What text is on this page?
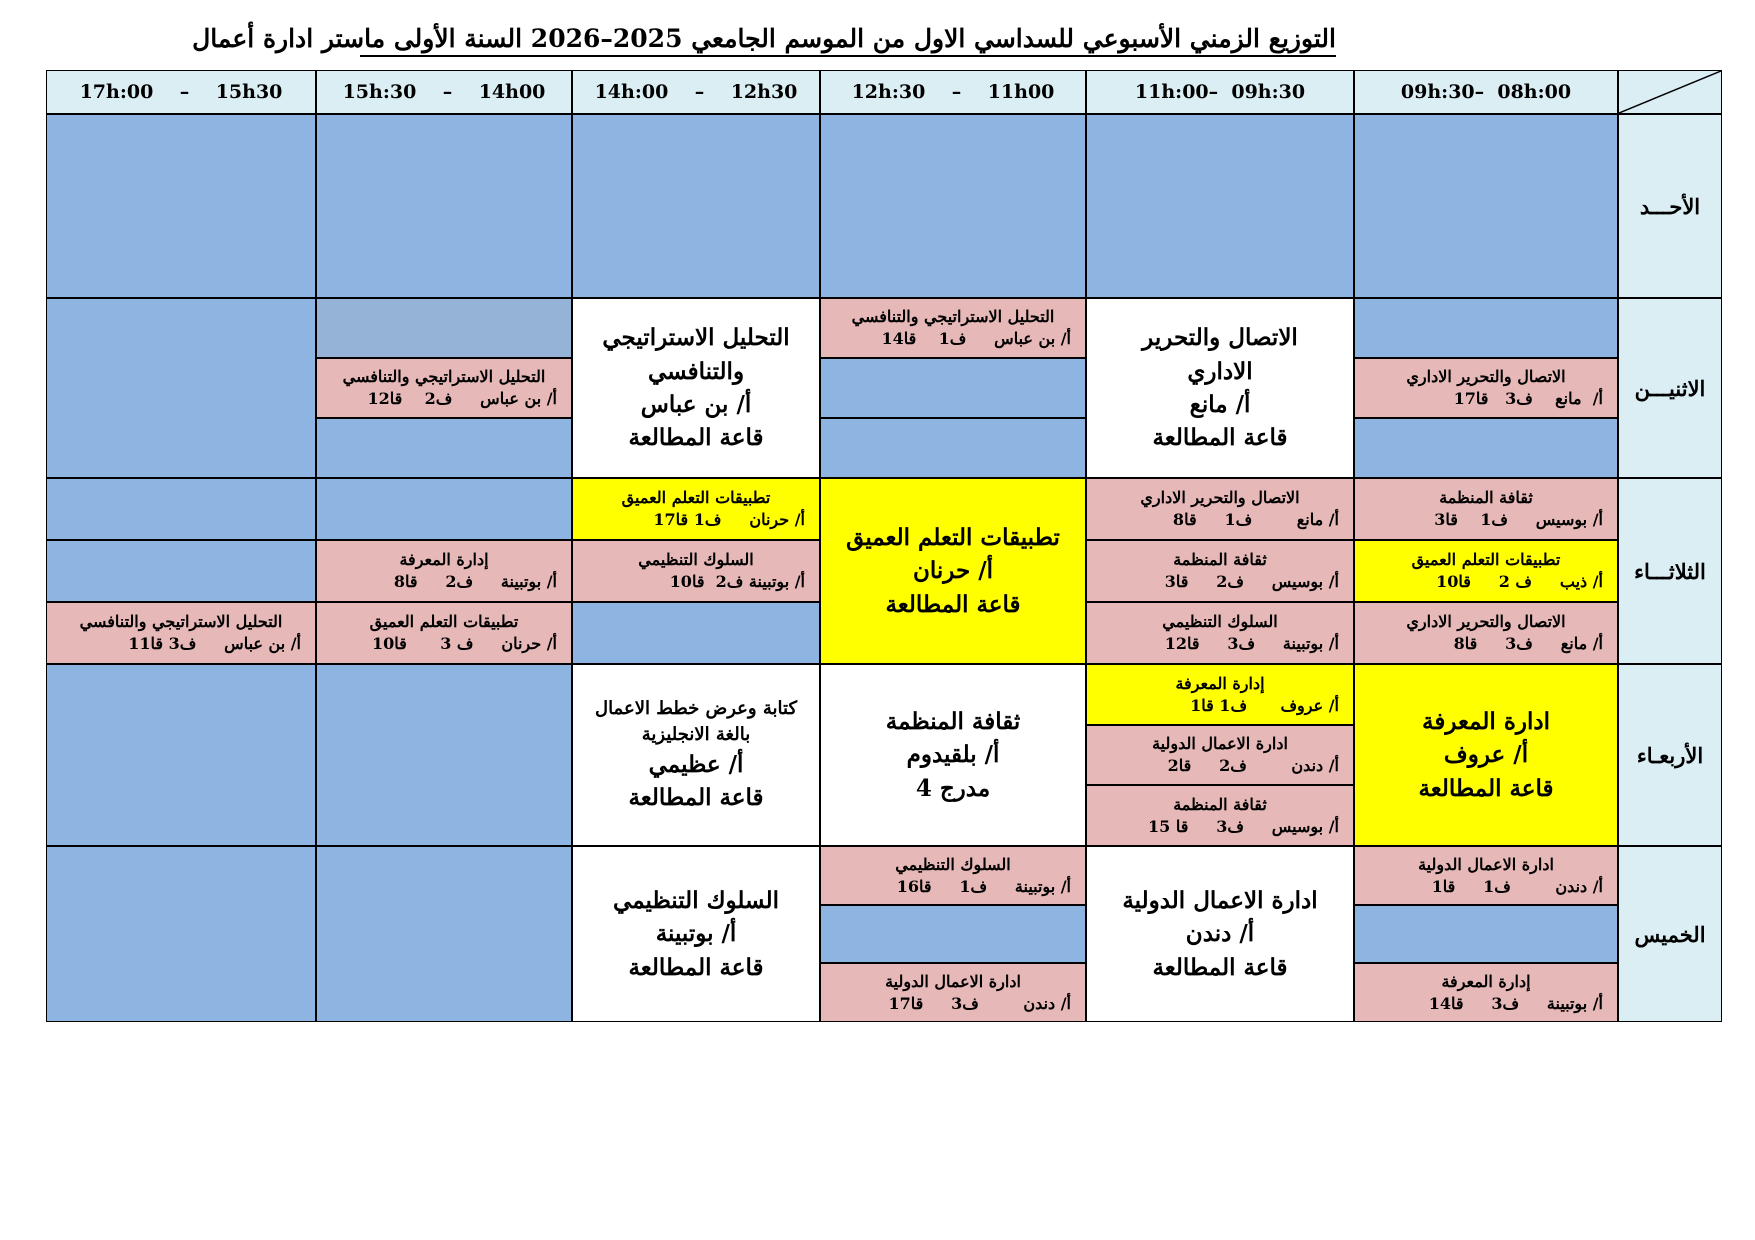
التوزيع الزمني الأسبوعي للسداسي الاول من الموسم الجامعي 2025–2026 السنة الأولى ماستر ادارة أعمال
09h:30–  08h:00
11h:00–  09h:30
12h:30    –    11h00
14h:00    –    12h30
15h:30    –    14h00
17h:00    –    15h30
الأحـــد
الاثنيـــن
الثلاثـــاء
الأربعـاء
الخميس
الاتصال والتحرير الاداري
أ/  مانع    ف3   قا17
الاتصال والتحرير
الاداري
أ/ مانع
قاعة المطالعة
التحليل الاستراتيجي والتنافسي
أ/ بن عباس     ف1    قا14
التحليل الاستراتيجي
والتنافسي
أ/ بن عباس
قاعة المطالعة
التحليل الاستراتيجي والتنافسي
أ/ بن عباس     ف2    قا12
ثقافة المنظمة
أ/ بوسيس     ف1    قا3
تطبيقات التعلم العميق
أ/ ذيب     ف 2     قا10
الاتصال والتحرير الاداري
أ/ مانع     ف3     قا8
الاتصال والتحرير الاداري
أ/ مانع        ف1     قا8
ثقافة المنظمة
أ/ بوسيس     ف2     قا3
السلوك التنظيمي
أ/ بوتبينة     ف3     قا12
تطبيقات التعلم العميق
أ/ حرنان
قاعة المطالعة
تطبيقات التعلم العميق
أ/ حرنان     ف1 قا17
السلوك التنظيمي
أ/ بوتبينة ف2  قا10
إدارة المعرفة
أ/ بوتبينة     ف2     قا8
تطبيقات التعلم العميق
أ/ حرنان     ف 3      قا10
التحليل الاستراتيجي والتنافسي
أ/ بن عباس     ف3 قا11
ادارة المعرفة
أ/ عروف
قاعة المطالعة
إدارة المعرفة
أ/ عروف      ف1 قا1
ادارة الاعمال الدولية
أ/ دندن        ف2     قا2
ثقافة المنظمة
أ/ بوسيس     ف3     قا 15
ثقافة المنظمة
أ/ بلقيدوم
مدرج 4
كتابة وعرض خطط الاعمال
بالغة الانجليزية
أ/ عظيمي
قاعة المطالعة
ادارة الاعمال الدولية
أ/ دندن        ف1     قا1
إدارة المعرفة
أ/ بوتبينة     ف3     قا14
ادارة الاعمال الدولية
أ/ دندن
قاعة المطالعة
السلوك التنظيمي
أ/ بوتبينة     ف1     قا16
ادارة الاعمال الدولية
أ/ دندن        ف3     قا17
السلوك التنظيمي
أ/ بوتبينة
قاعة المطالعة
